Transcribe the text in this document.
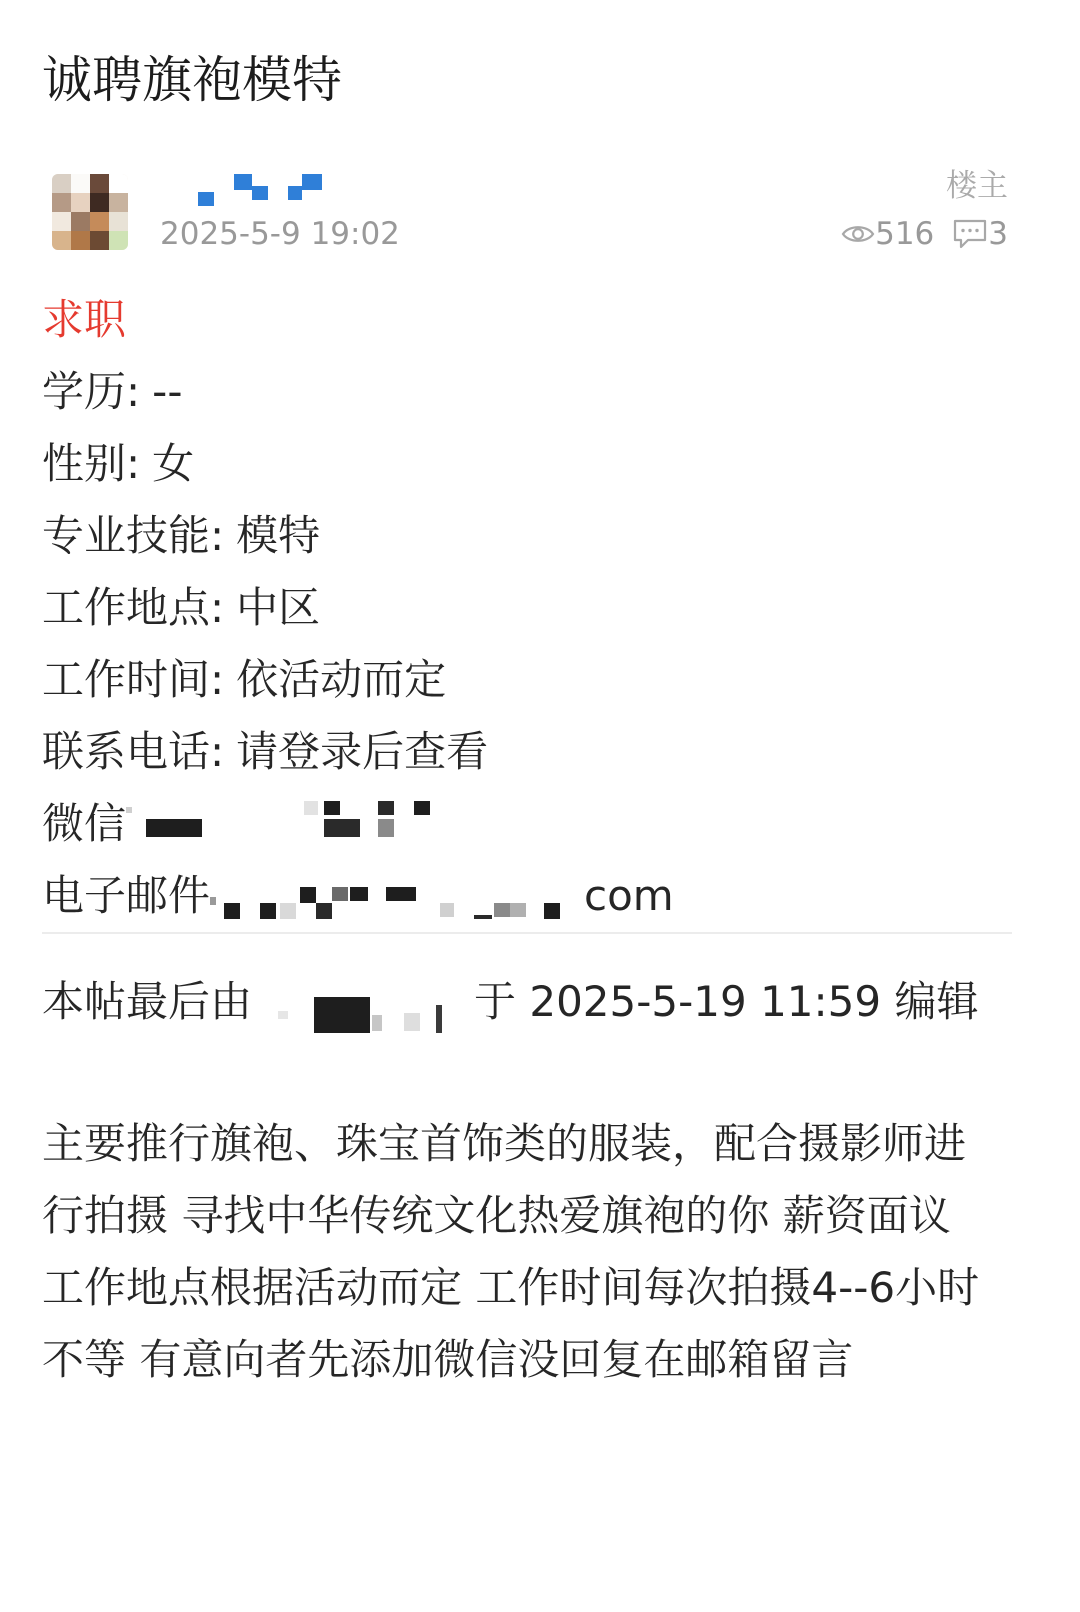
诚聘旗袍模特
2025-5-9 19:02
楼主
516 3
求职
学历: --
性别: 女
专业技能: 模特
工作地点: 中区
工作时间: 依活动而定
联系电话: 请登录后查看
微信
电子邮件	com
本帖最后由	于 2025-5-19 11:59 编辑
主要推行旗袍、珠宝首饰类的服装，配合摄影师进行拍摄 寻找中华传统文化热爱旗袍的你 薪资面议 工作地点根据活动而定 工作时间每次拍摄4--6小时不等 有意向者先添加微信没回复在邮箱留言
